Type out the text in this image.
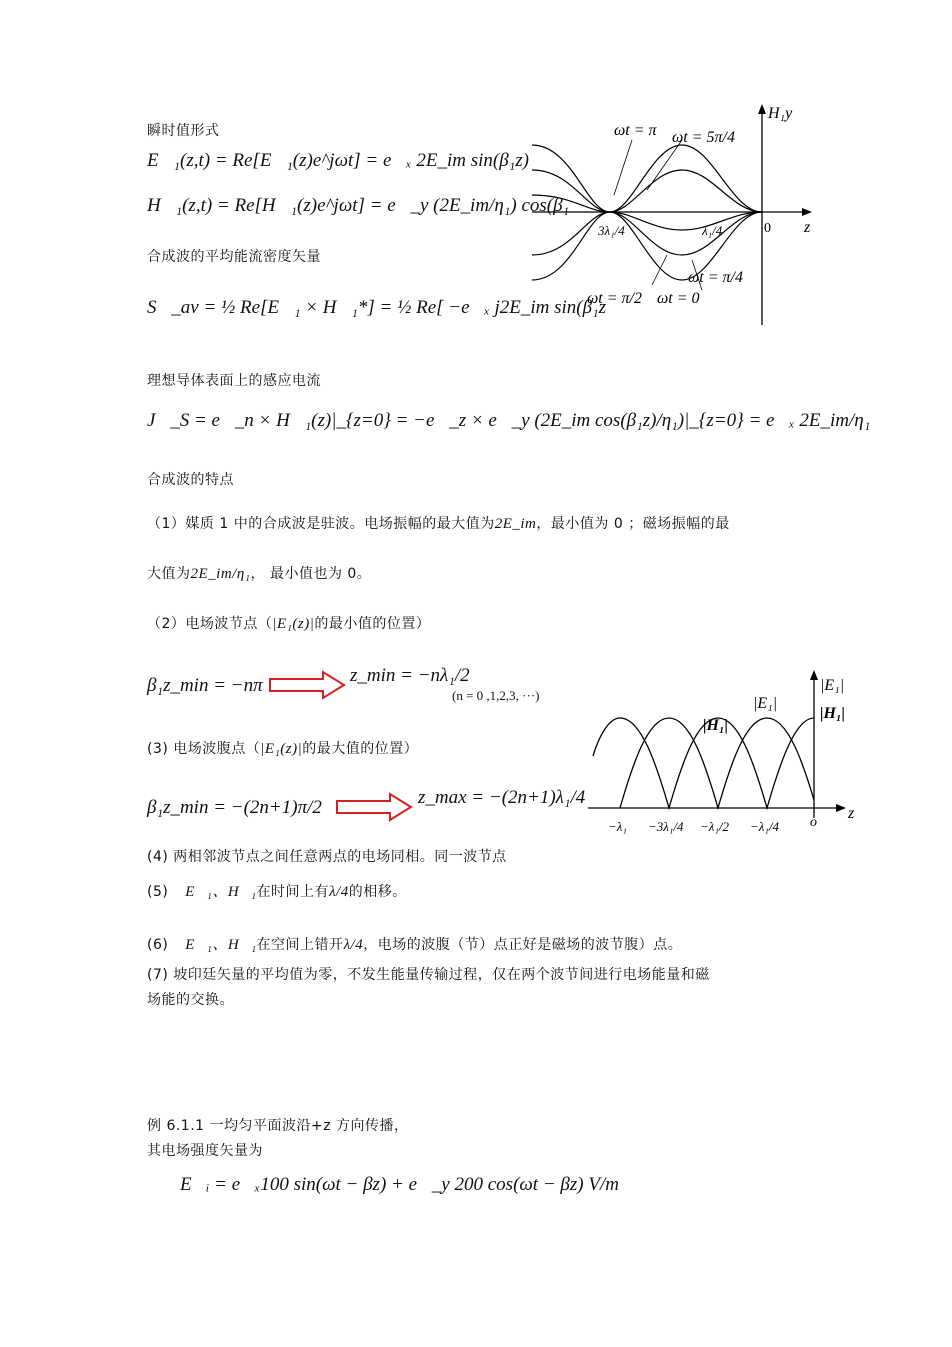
瞬时值形式
E⃗₁(z,t) = Re[E⃗₁(z)e^jωt] = e⃗ₓ 2E_im sin(β₁z)
H⃗₁(z,t) = Re[H⃗₁(z)e^jωt] = e⃗_y (2E_im/η₁) cos(β₁
合成波的平均能流密度矢量
S⃗_av = ½ Re[E⃗₁ × H⃗₁*] = ½ Re[ −e⃗ₓ j2E_im sin(β₁z
ωt = π ωt = 5π/4
H₁y
0 z
3λ₁/4	λ₁/4
ωt = π/4
ωt = π/2 ωt = 0
理想导体表面上的感应电流
J⃗_S = e⃗_n × H⃗₁(z)|_{z=0} = −e⃗_z × e⃗_y (2E_im cos(β₁z)/η₁)|_{z=0} = e⃗ₓ 2E_im/η₁
合成波的特点
（1）媒质 1 中的合成波是驻波。电场振幅的最大值为2E_im，最小值为 0 ；磁场振幅的最
大值为2E_im/η₁， 最小值也为 0。
（2）电场波节点（|E₁(z)|的最小值的位置）
β₁z_min = −nπ	z_min = −nλ₁/2
(n = 0 ,1,2,3, ···)
(3) 电场波腹点（|E₁(z)|的最大值的位置）
β₁z_min = −(2n+1)π/2	z_max = −(2n+1)λ₁/4
|E₁|
|H₁|
|E₁|
|H₁|
z
o
−λ₁ −3λ₁/4 −λ₁/2 −λ₁/4
(4) 两相邻波节点之间任意两点的电场同相。同一波节点
(5) E⃗₁、H⃗₁在时间上有λ/4的相移。
(6) E⃗₁、H⃗₁在空间上错开λ/4，电场的波腹（节）点正好是磁场的波节腹）点。
(7) 坡印廷矢量的平均值为零，不发生能量传输过程，仅在两个波节间进行电场能量和磁
场能的交换。
例 6.1.1 一均匀平面波沿+z 方向传播，
其电场强度矢量为
E⃗ᵢ = e⃗ₓ100 sin(ωt − βz) + e⃗_y 200 cos(ωt − βz) V/m
